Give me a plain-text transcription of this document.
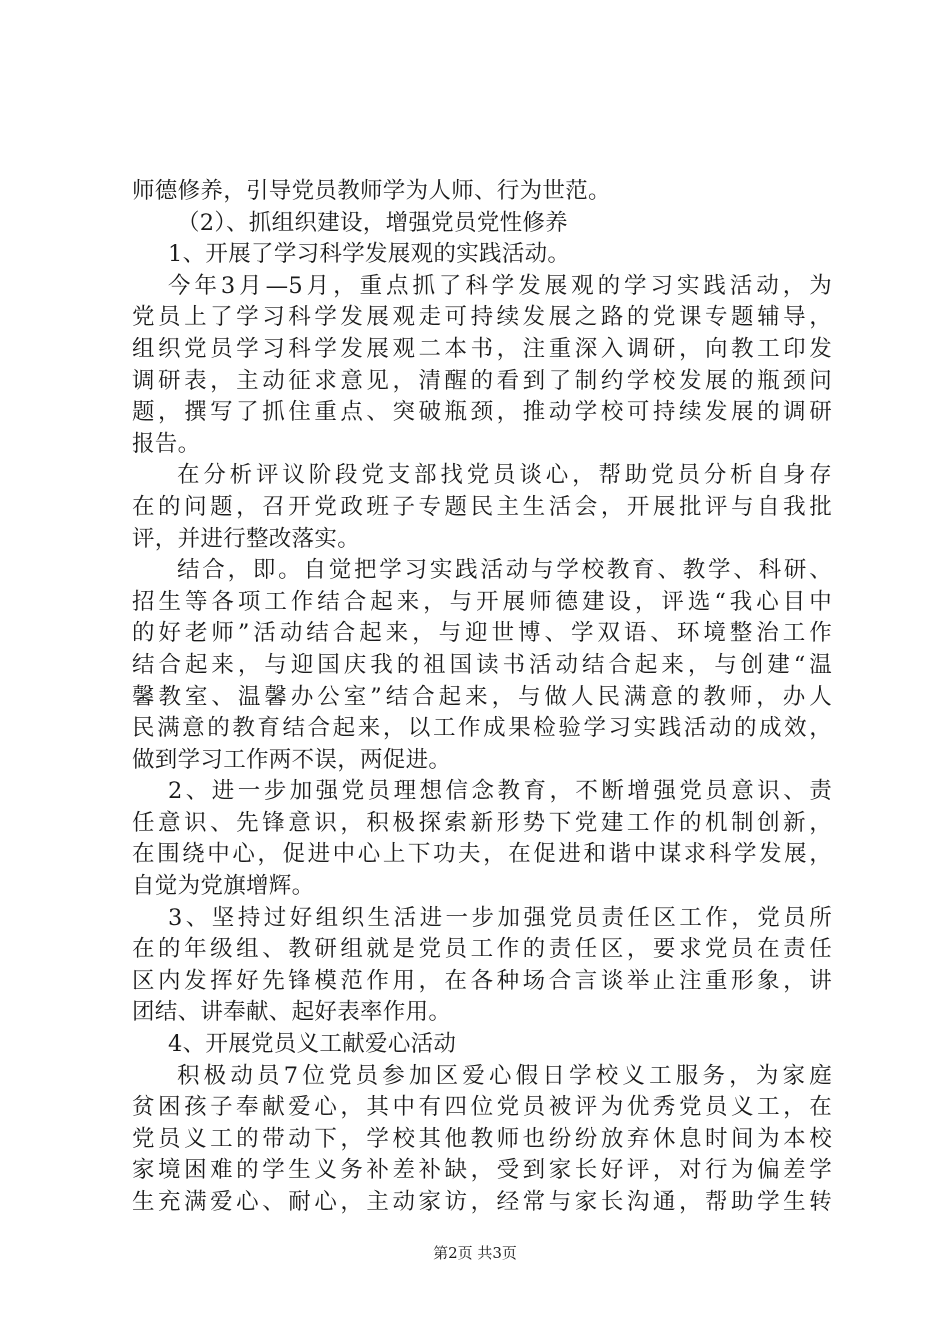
师德修养，引导党员教师学为人师、行为世范。
（2）、抓组织建设，增强党员党性修养
1、开展了学习科学发展观的实践活动。
今年3月—5月，重点抓了科学发展观的学习实践活动，为
党员上了学习科学发展观走可持续发展之路的党课专题辅导，
组织党员学习科学发展观二本书，注重深入调研，向教工印发
调研表，主动征求意见，清醒的看到了制约学校发展的瓶颈问
题，撰写了抓住重点、突破瓶颈，推动学校可持续发展的调研
报告。
在分析评议阶段党支部找党员谈心，帮助党员分析自身存
在的问题，召开党政班子专题民主生活会，开展批评与自我批
评，并进行整改落实。
结合，即。自觉把学习实践活动与学校教育、教学、科研、
招生等各项工作结合起来，与开展师德建设，评选“我心目中
的好老师”活动结合起来，与迎世博、学双语、环境整治工作
结合起来，与迎国庆我的祖国读书活动结合起来，与创建“温
馨教室、温馨办公室”结合起来，与做人民满意的教师，办人
民满意的教育结合起来，以工作成果检验学习实践活动的成效，
做到学习工作两不误，两促进。
2、进一步加强党员理想信念教育，不断增强党员意识、责
任意识、先锋意识，积极探索新形势下党建工作的机制创新，
在围绕中心，促进中心上下功夫，在促进和谐中谋求科学发展，
自觉为党旗增辉。
3、坚持过好组织生活进一步加强党员责任区工作，党员所
在的年级组、教研组就是党员工作的责任区，要求党员在责任
区内发挥好先锋模范作用，在各种场合言谈举止注重形象，讲
团结、讲奉献、起好表率作用。
4、开展党员义工献爱心活动
积极动员7位党员参加区爱心假日学校义工服务，为家庭
贫困孩子奉献爱心，其中有四位党员被评为优秀党员义工，在
党员义工的带动下，学校其他教师也纷纷放弃休息时间为本校
家境困难的学生义务补差补缺，受到家长好评，对行为偏差学
生充满爱心、耐心，主动家访，经常与家长沟通，帮助学生转
第2页 共3页
